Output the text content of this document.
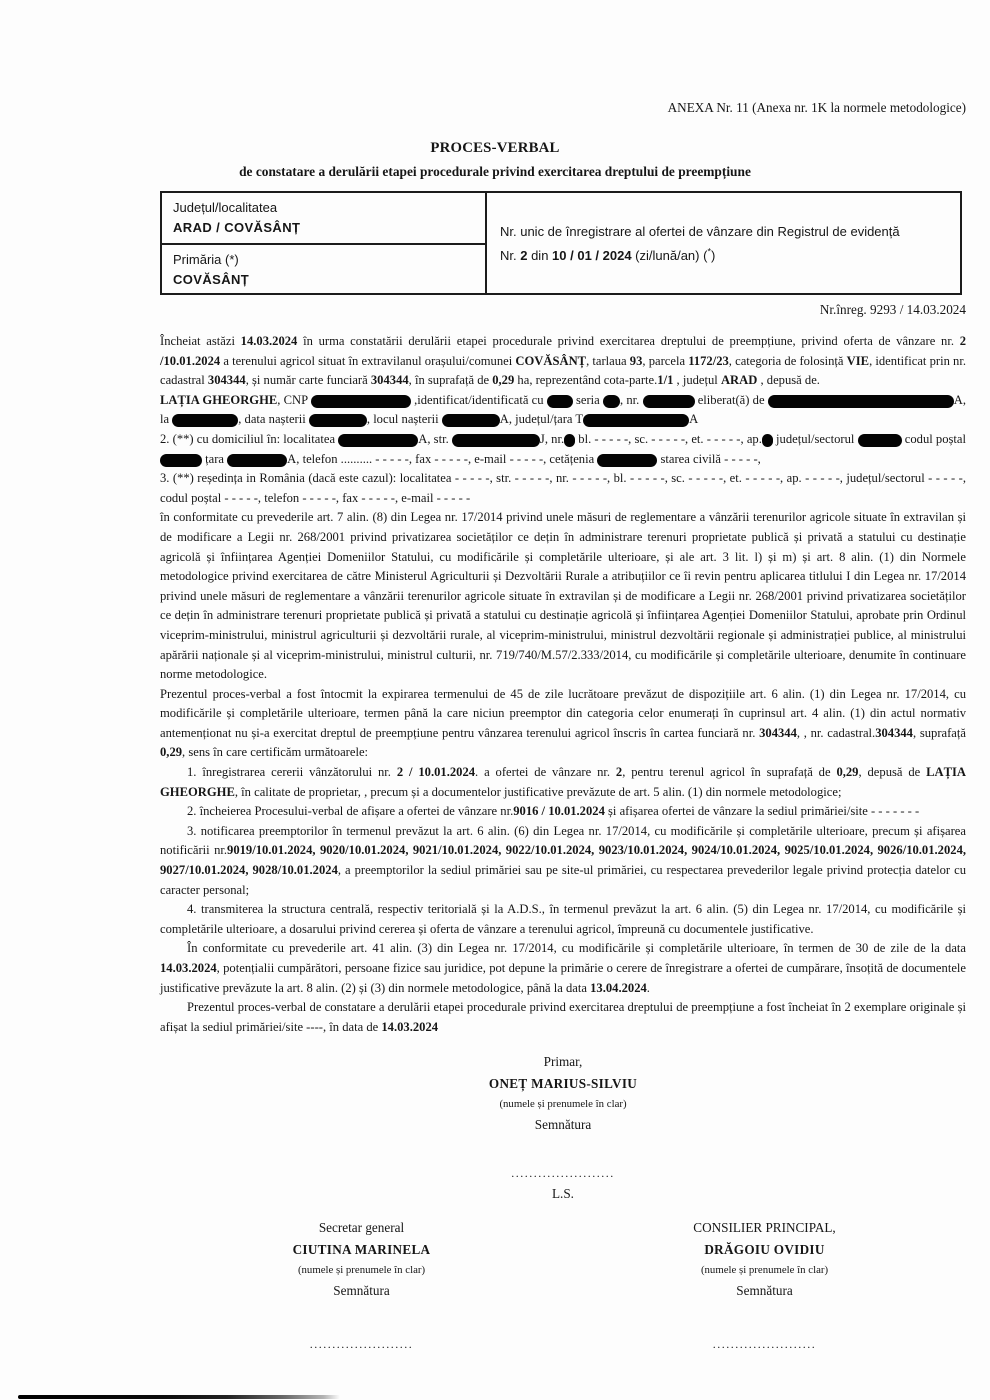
ANEXA Nr. 11 (Anexa nr. 1K la normele metodologice)
PROCES-VERBAL
de constatare a derulării etapei procedurale privind exercitarea dreptului de preempțiune
Județul/localitatea
ARAD / COVĂSÂNȚ
Primăria (*)
COVĂSÂNȚ
Nr. unic de înregistrare al ofertei de vânzare din Registrul de evidență
Nr. 2 din 10 / 01 / 2024 (zi/lună/an) (*)
Nr.înreg. 9293 / 14.03.2024

Încheiat astăzi 14.03.2024 în urma constatării derulării etapei procedurale privind exercitarea dreptului de preempțiune, privind oferta de vânzare nr. 2 /10.01.2024 a terenului agricol situat în extravilanul orașului/comunei COVĂSÂNȚ, tarlaua 93, parcela 1172/23, categoria de folosință VIE, identificat prin nr. cadastral 304344, și număr carte funciară 304344, în suprafață de 0,29 ha, reprezentând cota-parte.1/1 , județul ARAD , depusă de.

LAȚIA GHEORGHE, CNP	,identificat/identificată cu  seria , nr.	eliberat(ă) de	A, la	, data nașterii	, locul nașterii	A, județul/țara T	A

2. (**) cu domiciliul în: localitatea	A, str.	J, nr. bl. - - - - -, sc. - - - - -, et. - - - - -, ap. județul/sectorul	codul poștal  țara	A, telefon .......... - - - - -, fax - - - - -, e-mail - - - - -, cetățenia	starea civilă - - - - -,

3. (**) reședința in România (dacă este cazul): localitatea - - - - -, str. - - - - -, nr. - - - - -, bl. - - - - -, sc. - - - - -, et. - - - - -, ap. - - - - -, județul/sectorul - - - - -, codul poștal - - - - -, telefon - - - - -, fax - - - - -, e-mail - - - - -

în conformitate cu prevederile art. 7 alin. (8) din Legea nr. 17/2014 privind unele măsuri de reglementare a vânzării terenurilor agricole situate în extravilan și de modificare a Legii nr. 268/2001 privind privatizarea societăților ce dețin în administrare terenuri proprietate publică și privată a statului cu destinație agricolă și înființarea Agenției Domeniilor Statului, cu modificările și completările ulterioare, și ale art. 3 lit. l) și m) și art. 8 alin. (1) din Normele metodologice privind exercitarea de către Ministerul Agriculturii și Dezvoltării Rurale a atribuțiilor ce îi revin pentru aplicarea titlului I din Legea nr. 17/2014 privind unele măsuri de reglementare a vânzării terenurilor agricole situate în extravilan și de modificare a Legii nr. 268/2001 privind privatizarea societăților ce dețin în administrare terenuri proprietate publică și privată a statului cu destinație agricolă și înființarea Agenției Domeniilor Statului, aprobate prin Ordinul viceprim-ministrului, ministrul agriculturii și dezvoltării rurale, al viceprim-ministrului, ministrul dezvoltării regionale și administrației publice, al ministrului apărării naționale și al viceprim-ministrului, ministrul culturii, nr. 719/740/M.57/2.333/2014, cu modificările și completările ulterioare, denumite în continuare norme metodologice.

Prezentul proces-verbal a fost întocmit la expirarea termenului de 45 de zile lucrătoare prevăzut de dispozițiile art. 6 alin. (1) din Legea nr. 17/2014, cu modificările și completările ulterioare, termen până la care niciun preemptor din categoria celor enumerați în cuprinsul art. 4 alin. (1) din actul normativ antemenționat nu și-a exercitat dreptul de preempțiune pentru vânzarea terenului agricol înscris în cartea funciară nr. 304344, , nr. cadastral.304344, suprafață 0,29, sens în care certificăm următoarele:

1. înregistrarea cererii vânzătorului nr. 2 / 10.01.2024. a ofertei de vânzare nr. 2, pentru terenul agricol în suprafață de 0,29, depusă de LAȚIA GHEORGHE, în calitate de proprietar, , precum și a documentelor justificative prevăzute de art. 5 alin. (1) din normele metodologice;

2. încheierea Procesului-verbal de afișare a ofertei de vânzare nr.9016 / 10.01.2024 și afișarea ofertei de vânzare la sediul primăriei/site - - - - - - -

3. notificarea preemptorilor în termenul prevăzut la art. 6 alin. (6) din Legea nr. 17/2014, cu modificările și completările ulterioare, precum și afișarea notificării nr.9019/10.01.2024, 9020/10.01.2024, 9021/10.01.2024, 9022/10.01.2024, 9023/10.01.2024, 9024/10.01.2024, 9025/10.01.2024, 9026/10.01.2024, 9027/10.01.2024, 9028/10.01.2024, a preemptorilor la sediul primăriei sau pe site-ul primăriei, cu respectarea prevederilor legale privind protecția datelor cu caracter personal;

4. transmiterea la structura centrală, respectiv teritorială și la A.D.S., în termenul prevăzut la art. 6 alin. (5) din Legea nr. 17/2014, cu modificările și completările ulterioare, a dosarului privind cererea și oferta de vânzare a terenului agricol, împreună cu documentele justificative.

În conformitate cu prevederile art. 41 alin. (3) din Legea nr. 17/2014, cu modificările și completările ulterioare, în termen de 30 de zile de la data 14.03.2024, potențialii cumpărători, persoane fizice sau juridice, pot depune la primărie o cerere de înregistrare a ofertei de cumpărare, însoțită de documentele justificative prevăzute la art. 8 alin. (2) și (3) din normele metodologice, până la data 13.04.2024.

Prezentul proces-verbal de constatare a derulării etapei procedurale privind exercitarea dreptului de preempțiune a fost încheiat în 2 exemplare originale și afișat la sediul primăriei/site ----, în data de 14.03.2024

Primar,
ONEȚ MARIUS-SILVIU
(numele și prenumele în clar)
Semnătura
.......................
L.S.
Secretar general
CIUTINA MARINELA
(numele și prenumele în clar)
Semnătura
.......................
CONSILIER PRINCIPAL,
DRĂGOIU OVIDIU
(numele și prenumele în clar)
Semnătura
.......................
